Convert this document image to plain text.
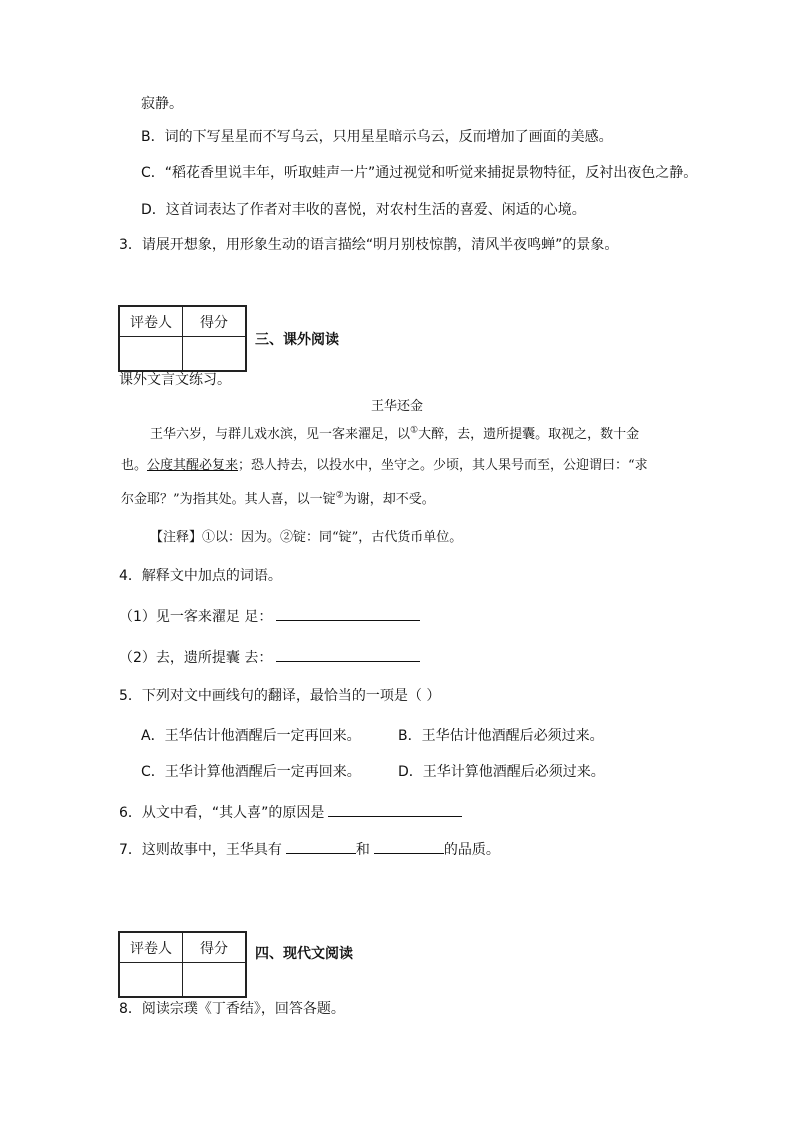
寂静。
B．词的下写星星而不写乌云，只用星星暗示乌云，反而增加了画面的美感。
C．“稻花香里说丰年，听取蛙声一片”通过视觉和听觉来捕捉景物特征，反衬出夜色之静。
D．这首词表达了作者对丰收的喜悦，对农村生活的喜爱、闲适的心境。
3．请展开想象，用形象生动的语言描绘“明月别枝惊鹊，清风半夜鸣蝉”的景象。
评卷人	得分

三、课外阅读
课外文言文练习。
王华还金
王华六岁，与群儿戏水滨，见一客来濯足，以①大醉，去，遗所提囊。取视之，数十金
也。公度其醒必复来；恐人持去，以投水中，坐守之。少顷，其人果号而至，公迎谓曰：“求
尔金耶？”为指其处。其人喜，以一锭②为谢，却不受。
【注释】①以：因为。②锭：同“锭”，古代货币单位。
4．解释文中加点的词语。
（1）见一客来濯足 足：
（2）去，遗所提囊 去：
5．下列对文中画线句的翻译，最恰当的一项是（ ）
A．王华估计他酒醒后一定再回来。	B．王华估计他酒醒后必须过来。
C．王华计算他酒醒后一定再回来。	D．王华计算他酒醒后必须过来。
6．从文中看，“其人喜”的原因是
7．这则故事中，王华具有	和	的品质。
评卷人	得分
	四、现代文阅读
8．阅读宗璞《丁香结》，回答各题。
